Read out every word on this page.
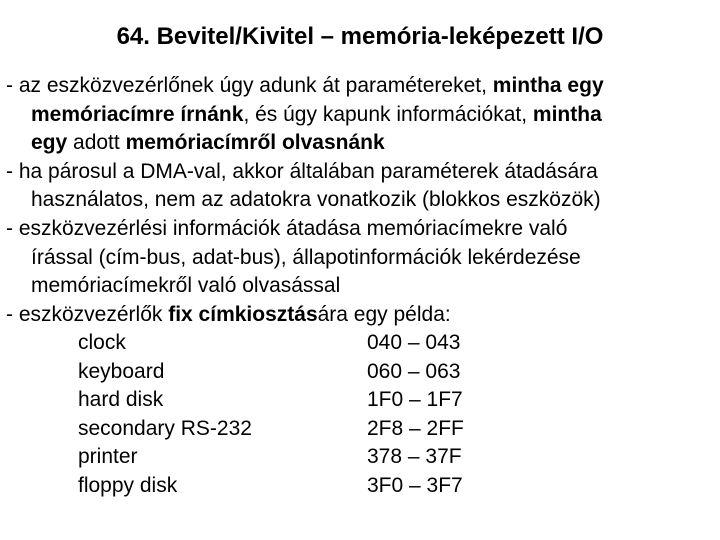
64. Bevitel/Kivitel – memória-leképezett I/O
- az eszközvezérlőnek úgy adunk át paramétereket, mintha egy
memóriacímre írnánk, és úgy kapunk információkat, mintha
egy adott memóriacímről olvasnánk
- ha párosul a DMA-val, akkor általában paraméterek átadására
használatos, nem az adatokra vonatkozik (blokkos eszközök)
- eszközvezérlési információk átadása memóriacímekre való
írással (cím-bus, adat-bus), állapotinformációk lekérdezése
memóriacímekről való olvasással
- eszközvezérlők fix címkiosztására egy példa:
clock	040 – 043
keyboard	060 – 063
hard disk	1F0 – 1F7
secondary RS-232	2F8 – 2FF
printer	378 – 37F
floppy disk	3F0 – 3F7
